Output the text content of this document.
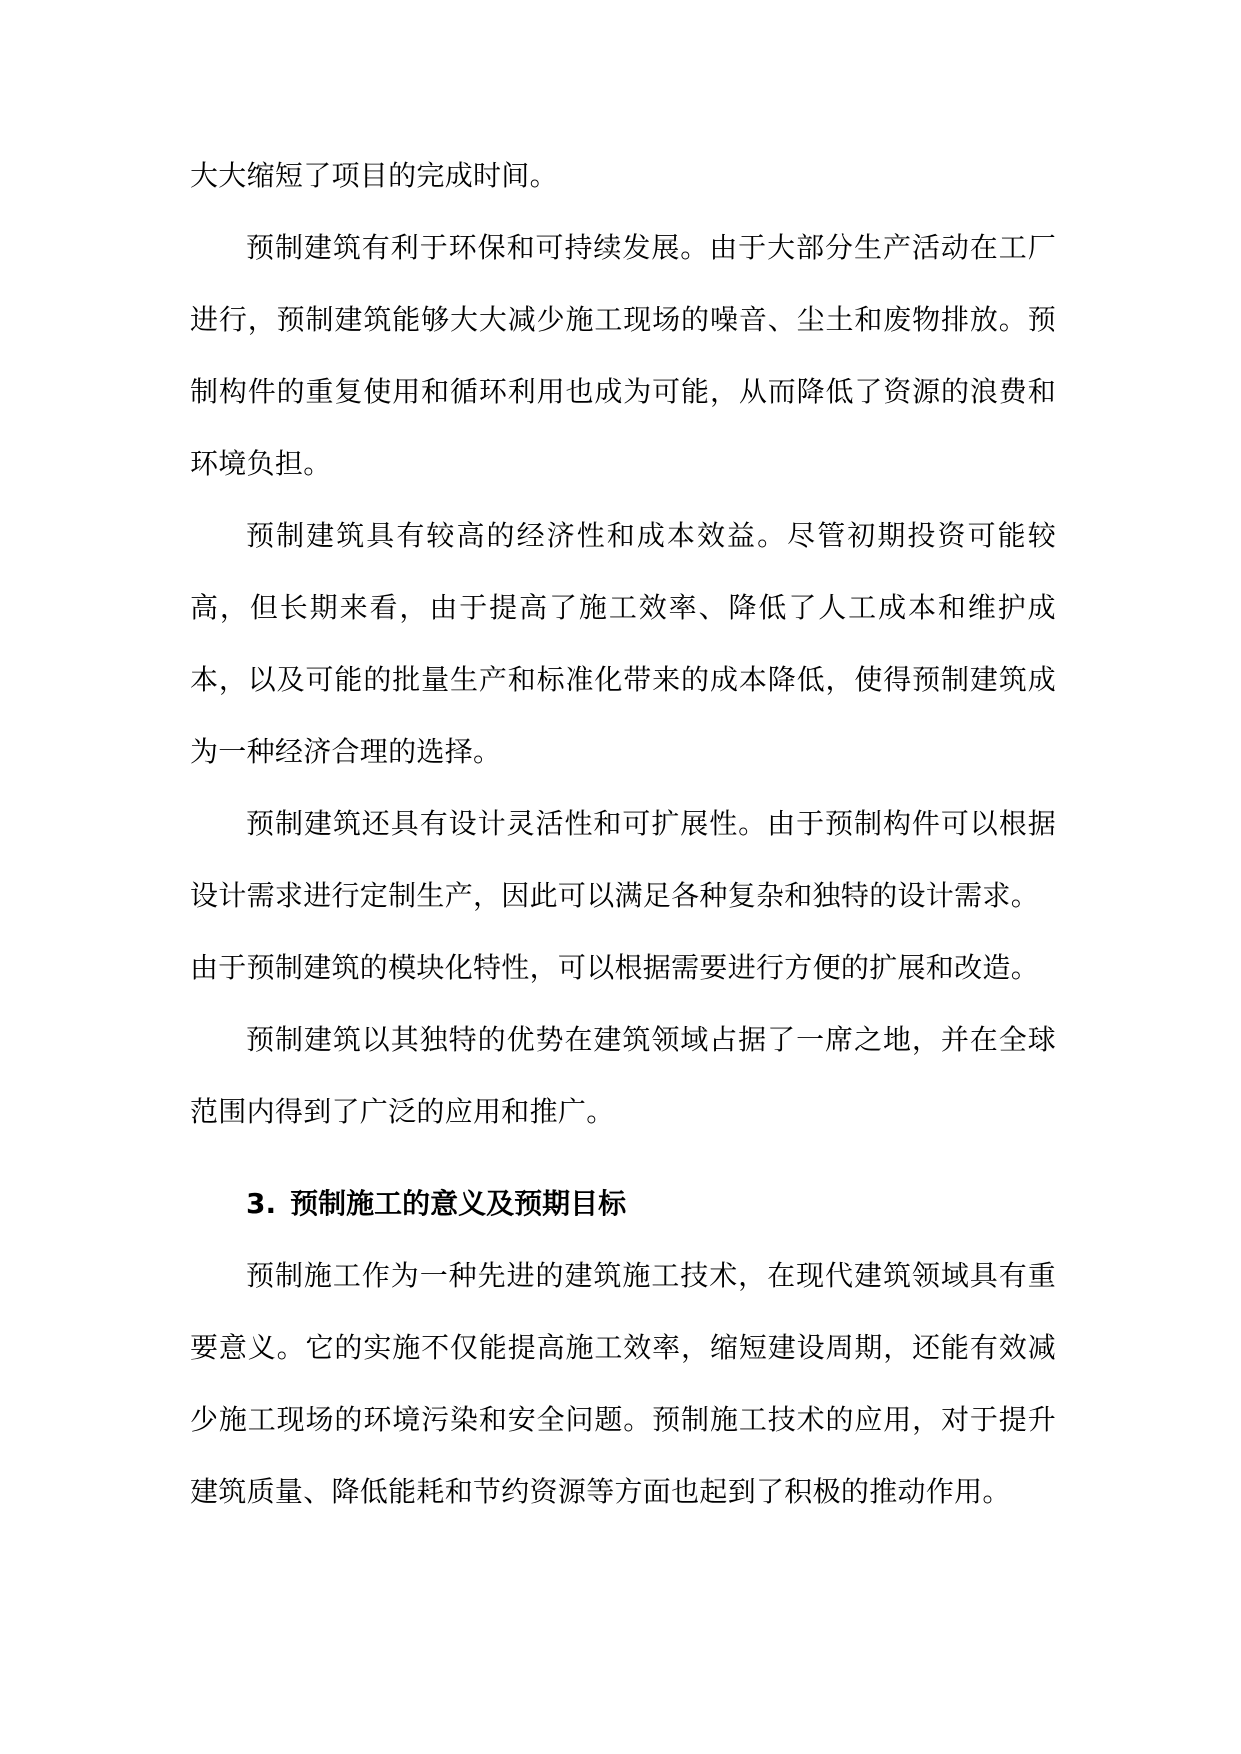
大大缩短了项目的完成时间。

预制建筑有利于环保和可持续发展。由于大部分生产活动在工厂进行，预制建筑能够大大减少施工现场的噪音、尘土和废物排放。预制构件的重复使用和循环利用也成为可能，从而降低了资源的浪费和环境负担。

预制建筑具有较高的经济性和成本效益。尽管初期投资可能较高，但长期来看，由于提高了施工效率、降低了人工成本和维护成本，以及可能的批量生产和标准化带来的成本降低，使得预制建筑成为一种经济合理的选择。

预制建筑还具有设计灵活性和可扩展性。由于预制构件可以根据设计需求进行定制生产，因此可以满足各种复杂和独特的设计需求。

由于预制建筑的模块化特性，可以根据需要进行方便的扩展和改造。

预制建筑以其独特的优势在建筑领域占据了一席之地，并在全球范围内得到了广泛的应用和推广。

3. 预制施工的意义及预期目标

预制施工作为一种先进的建筑施工技术，在现代建筑领域具有重要意义。它的实施不仅能提高施工效率，缩短建设周期，还能有效减少施工现场的环境污染和安全问题。预制施工技术的应用，对于提升建筑质量、降低能耗和节约资源等方面也起到了积极的推动作用。
